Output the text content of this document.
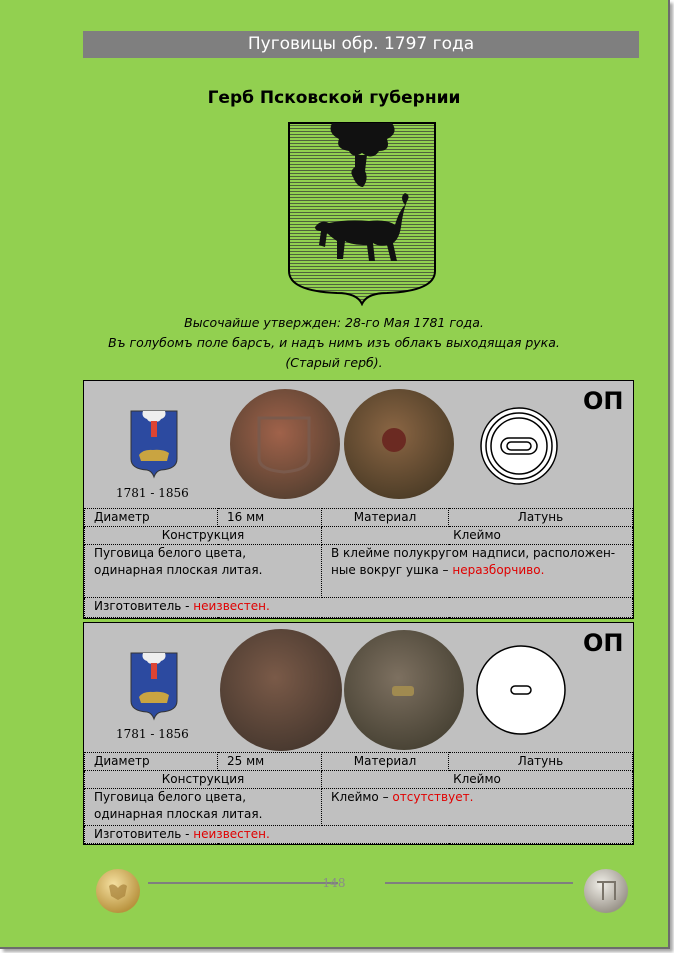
Пуговицы обр. 1797 года
Герб Псковской губернии
Высочайше утвержден: 28-го Мая 1781 года.
Въ голубомъ поле барсъ, и надъ нимъ изъ облакъ выходящая рука.
(Старый герб).
1781 - 1856
ОП
Диаметр	16 мм	Материал	Латунь
Конструкция		Клеймо	
Пуговица белого цвета, одинарная плоская литая.		В клейме полукругом надписи, расположен-ные вокруг ушка – неразборчиво.	
Изготовитель - неизвестен.			
1781 - 1856
ОП
Диаметр	25 мм	Материал	Латунь
Конструкция		Клеймо	
Пуговица белого цвета, одинарная плоская литая.		Клеймо – отсутствует.	
Изготовитель - неизвестен.			
148
